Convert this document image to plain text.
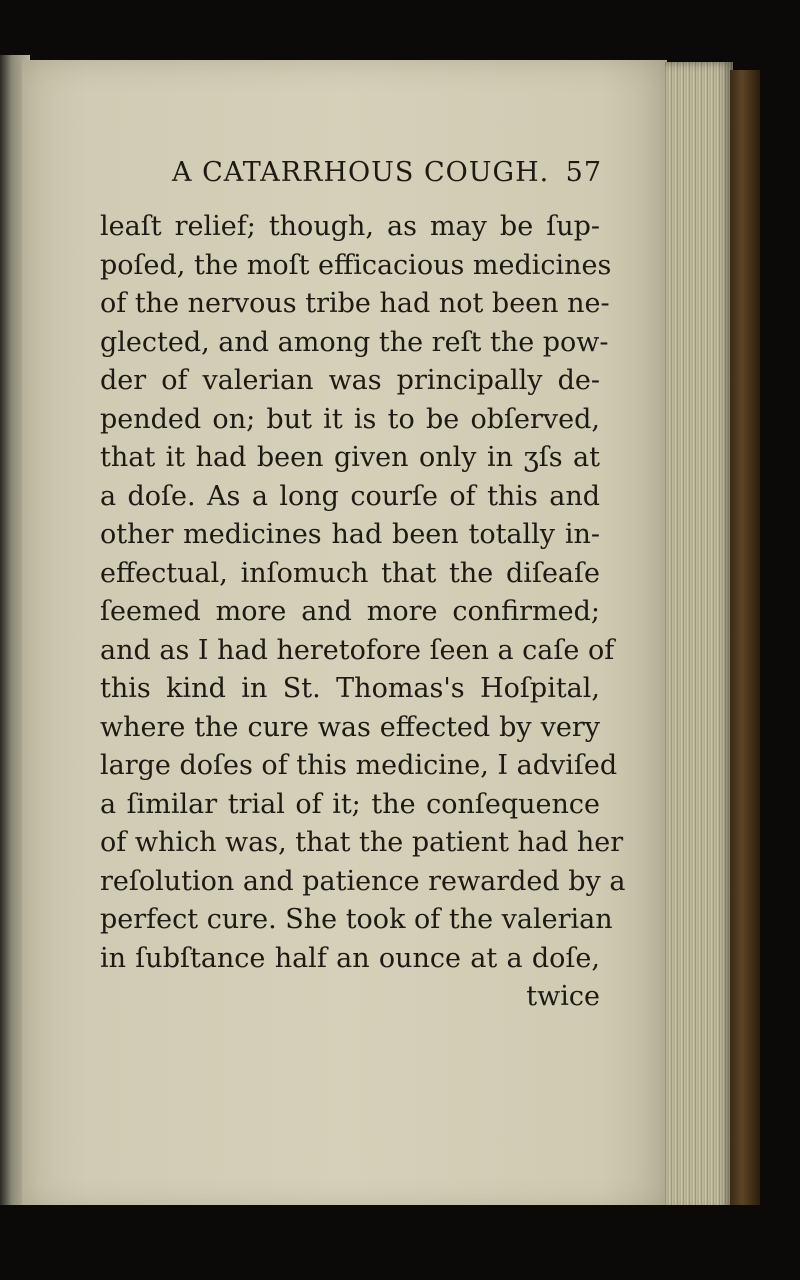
A CATARRHOUS COUGH. 57
leaſt relief; though, as may be ſup-
poſed, the moſt efficacious medicines
of the nervous tribe had not been ne-
glected, and among the reſt the pow-
der of valerian was principally de-
pended on; but it is to be obſerved,
that it had been given only in ʒſs at
a doſe. As a long courſe of this and
other medicines had been totally in-
effectual, inſomuch that the diſeaſe
ſeemed more and more confirmed;
and as I had heretofore ſeen a caſe of
this kind in St. Thomas's Hoſpital,
where the cure was effected by very
large doſes of this medicine, I adviſed
a ſimilar trial of it; the conſequence
of which was, that the patient had her
reſolution and patience rewarded by a
perfect cure. She took of the valerian
in ſubſtance half an ounce at a doſe,
twice
